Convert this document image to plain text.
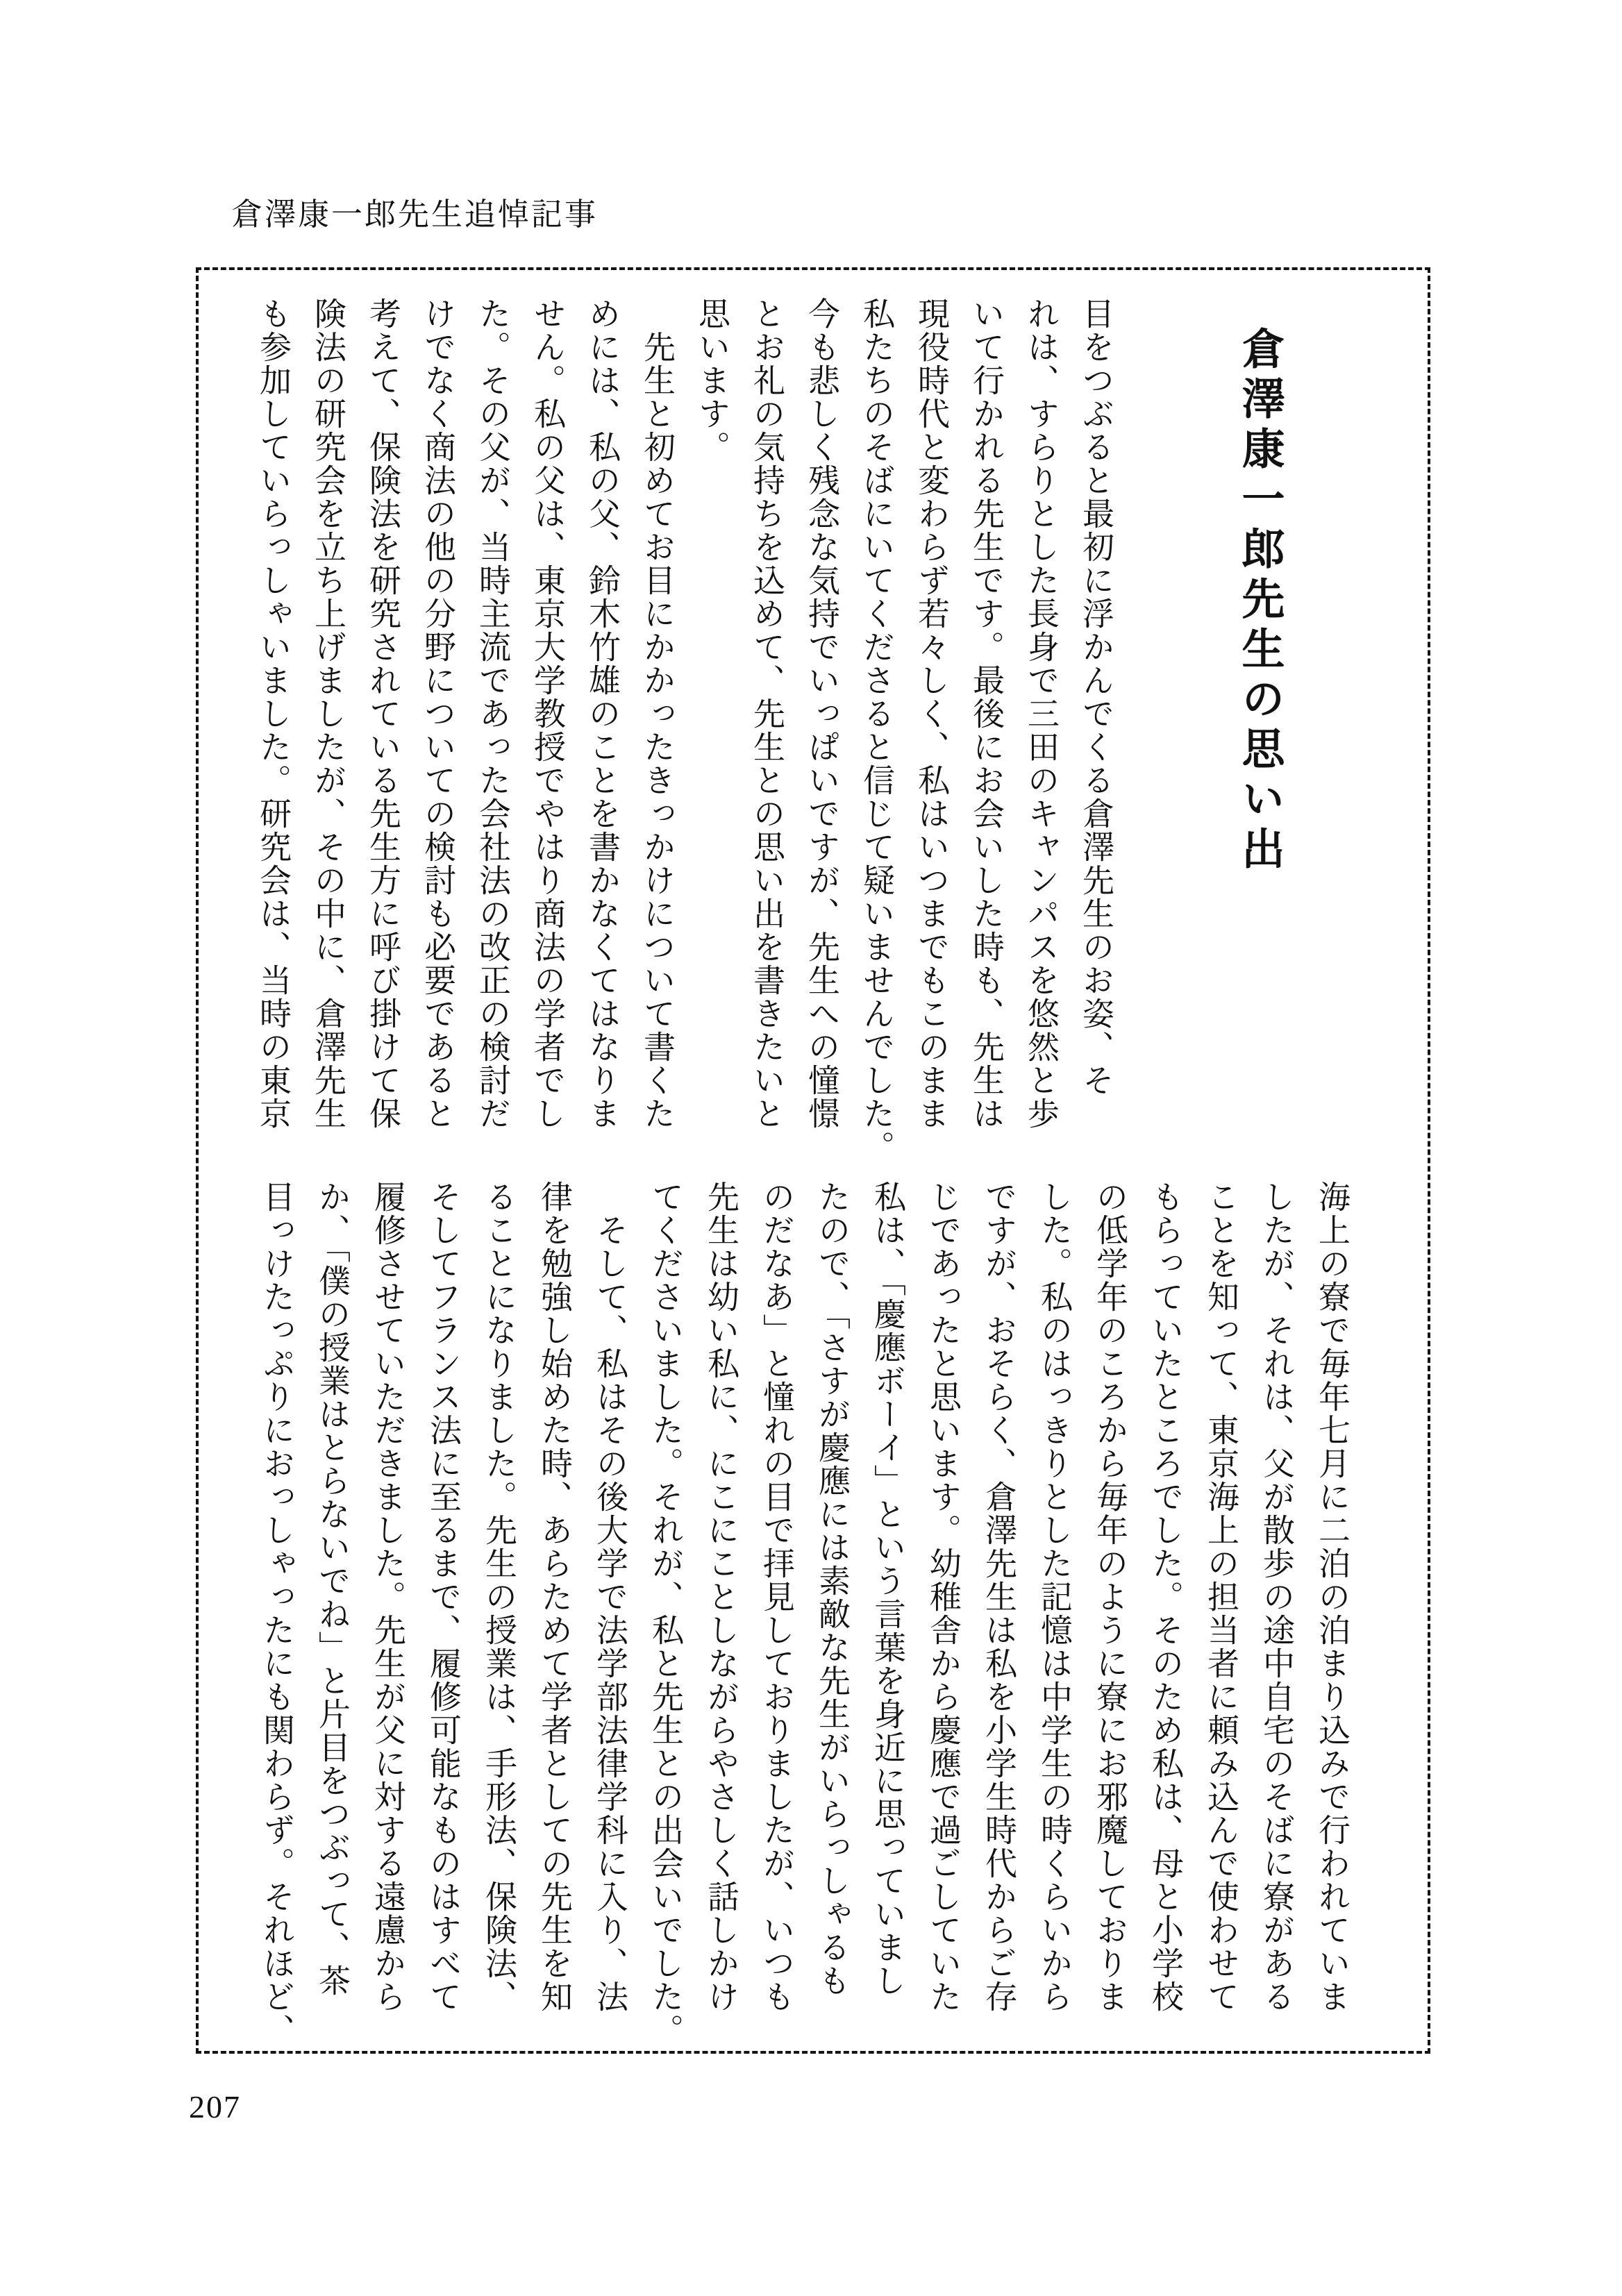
倉澤康一郎先生追悼記事
倉澤康一郎先生の思い出

目をつぶると最初に浮かんでくる倉澤先生のお姿、そ

れは、すらりとした長身で三田のキャンパスを悠然と歩

いて行かれる先生です。最後にお会いした時も、先生は

現役時代と変わらず若々しく、私はいつまでもこのまま

私たちのそばにいてくださると信じて疑いませんでした。

今も悲しく残念な気持でいっぱいですが、先生への憧憬

とお礼の気持ちを込めて、先生との思い出を書きたいと

思います。

　先生と初めてお目にかかったきっかけについて書くた

めには、私の父、鈴木竹雄のことを書かなくてはなりま

せん。私の父は、東京大学教授でやはり商法の学者でし

た。その父が、当時主流であった会社法の改正の検討だ

けでなく商法の他の分野についての検討も必要であると

考えて、保険法を研究されている先生方に呼び掛けて保

険法の研究会を立ち上げましたが、その中に、倉澤先生

も参加していらっしゃいました。研究会は、当時の東京

海上の寮で毎年七月に二泊の泊まり込みで行われていま

したが、それは、父が散歩の途中自宅のそばに寮がある

ことを知って、東京海上の担当者に頼み込んで使わせて

もらっていたところでした。そのため私は、母と小学校

の低学年のころから毎年のように寮にお邪魔しておりま

した。私のはっきりとした記憶は中学生の時くらいから

ですが、おそらく、倉澤先生は私を小学生時代からご存

じであったと思います。幼稚舎から慶應で過ごしていた

私は、「慶應ボーイ」という言葉を身近に思っていまし

たので、「さすが慶應には素敵な先生がいらっしゃるも

のだなあ」と憧れの目で拝見しておりましたが、いつも

先生は幼い私に、にこにことしながらやさしく話しかけ

てくださいました。それが、私と先生との出会いでした。

　そして、私はその後大学で法学部法律学科に入り、法

律を勉強し始めた時、あらためて学者としての先生を知

ることになりました。先生の授業は、手形法、保険法、

そしてフランス法に至るまで、履修可能なものはすべて

履修させていただきました。先生が父に対する遠慮から

か、「僕の授業はとらないでね」と片目をつぶって、茶

目っけたっぷりにおっしゃったにも関わらず。それほど、

207
